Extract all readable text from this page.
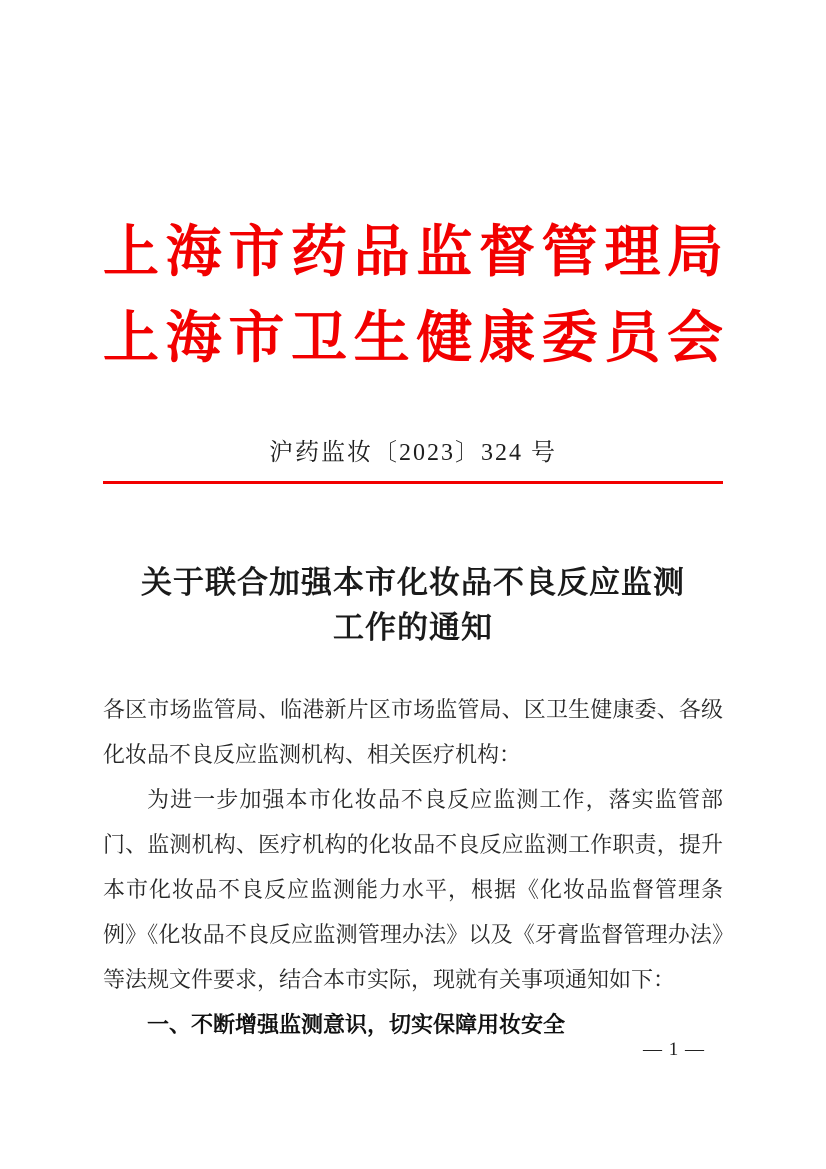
上海市药品监督管理局
上海市卫生健康委员会
沪药监妆〔2023〕324 号
关于联合加强本市化妆品不良反应监测
工作的通知

各区市场监管局、临港新片区市场监管局、区卫生健康委、各级化妆品不良反应监测机构、相关医疗机构：

为进一步加强本市化妆品不良反应监测工作，落实监管部门、监测机构、医疗机构的化妆品不良反应监测工作职责，提升本市化妆品不良反应监测能力水平，根据《化妆品监督管理条例》《化妆品不良反应监测管理办法》以及《牙膏监督管理办法》等法规文件要求，结合本市实际，现就有关事项通知如下：

一、不断增强监测意识，切实保障用妆安全
— 1 —
